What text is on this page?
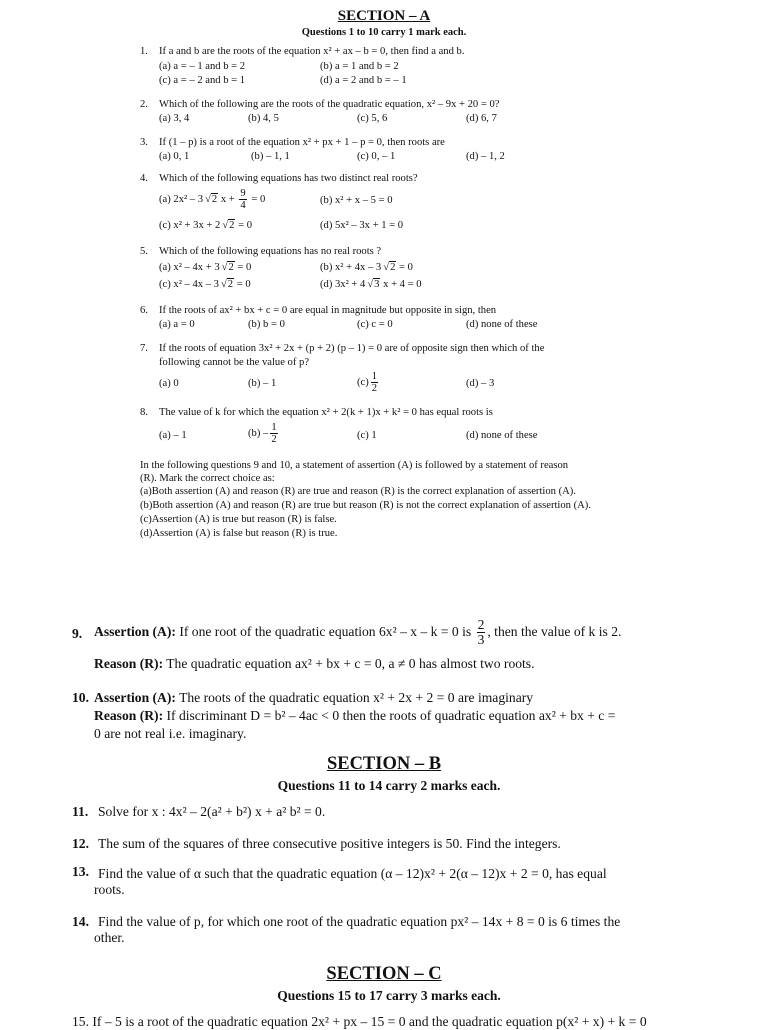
SECTION – A
Questions 1 to 10 carry 1 mark each.
1. If a and b are the roots of the equation x² + ax – b = 0, then find a and b.
(a) a = – 1 and b = 2	(b) a = 1 and b = 2
(c) a = – 2 and b = 1	(d) a = 2 and b = – 1
2. Which of the following are the roots of the quadratic equation, x² – 9x + 20 = 0?
(a) 3, 4	(b) 4, 5	(c) 5, 6	(d) 6, 7
3. If (1 – p) is a root of the equation x² + px + 1 – p = 0, then roots are
(a) 0, 1	(b) – 1, 1	(c) 0, – 1	(d) – 1, 2
4. Which of the following equations has two distinct real roots?
(a) 2x² – 3 √2 $x + \frac{9}{4} = 0$	(b) x² + x – 5 = 0
(c) x² + 3x + 2 √2 = 0	(d) 5x² – 3x + 1 = 0
5. Which of the following equations has no real roots ?
(a) x² – 4x + 3 √2 = 0	(b) x² + 4x – 3 √2 = 0
(c) x² – 4x – 3 √2 = 0	(d) 3x² + 4 √3 x + 4 = 0
6. If the roots of ax² + bx + c = 0 are equal in magnitude but opposite in sign, then
(a) a = 0	(b) b = 0	(c) c = 0	(d) none of these
7. If the roots of equation 3x² + 2x + (p + 2) (p – 1) = 0 are of opposite sign then which of the
following cannot be the value of p?
(a) 0	(b) – 1	$(c) \frac{1}{2}$	(d) – 3
8. The value of k for which the equation x² + 2(k + 1)x + k² = 0 has equal roots is
(a) – 1	$(b) - \frac{1}{2}$	(c) 1	(d) none of these
In the following questions 9 and 10, a statement of assertion (A) is followed by a statement of reason
(R). Mark the correct choice as:
(a)Both assertion (A) and reason (R) are true and reason (R) is the correct explanation of assertion (A).
(b)Both assertion (A) and reason (R) are true but reason (R) is not the correct explanation of assertion (A).
(c)Assertion (A) is true but reason (R) is false.
(d)Assertion (A) is false but reason (R) is true.
9. Assertion (A): If one root of the quadratic equation 6x² – x – k = 0 is $\frac{2}{3}$ , then the value of k is 2.
Reason (R): The quadratic equation ax² + bx + c = 0, a ≠ 0 has almost two roots.
10. Assertion (A): The roots of the quadratic equation x² + 2x + 2 = 0 are imaginary
Reason (R): If discriminant D = b² – 4ac < 0 then the roots of quadratic equation ax² + bx + c =
0 are not real i.e. imaginary.
SECTION – B
Questions 11 to 14 carry 2 marks each.
11. Solve for x : 4x² – 2(a² + b²) x + a² b² = 0.
12. The sum of the squares of three consecutive positive integers is 50. Find the integers.
13. Find the value of α such that the quadratic equation (α – 12)x² + 2(α – 12)x + 2 = 0, has equal
roots.
14. Find the value of p, for which one root of the quadratic equation px² – 14x + 8 = 0 is 6 times the
other.
SECTION – C
Questions 15 to 17 carry 3 marks each.
15. If – 5 is a root of the quadratic equation 2x² + px – 15 = 0 and the quadratic equation p(x² + x) + k = 0
